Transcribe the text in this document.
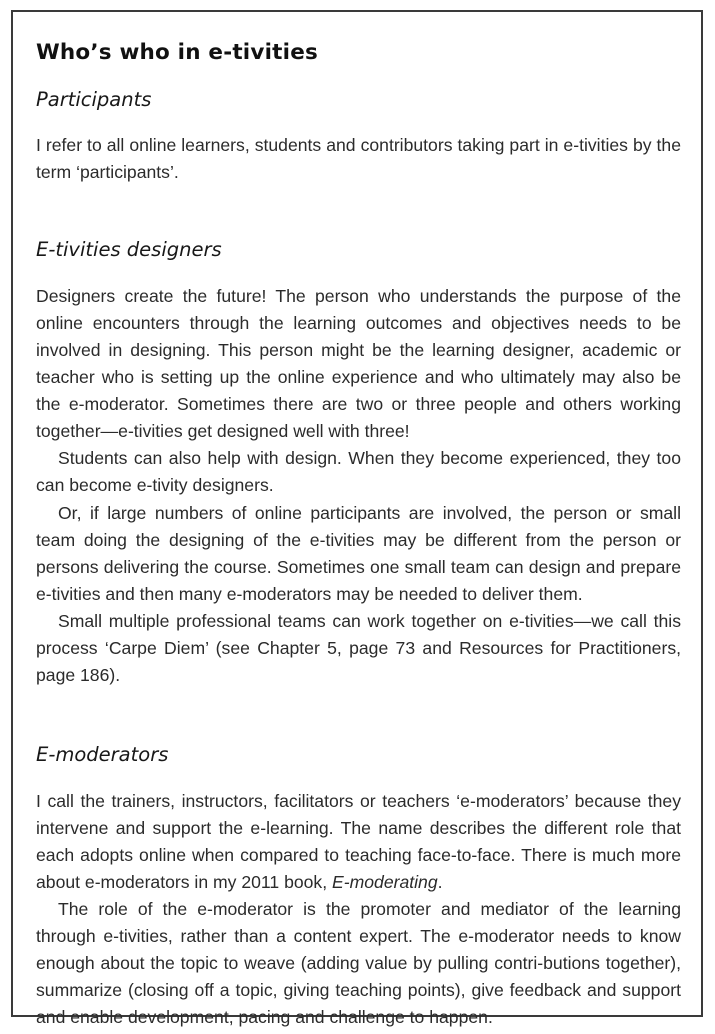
Who’s who in e-tivities
Participants

I refer to all online learners, students and contributors taking part in e-tivities by the term ‘participants’.

E-tivities designers

Designers create the future! The person who understands the purpose of the online encounters through the learning outcomes and objectives needs to be involved in designing. This person might be the learning designer, academic or teacher who is setting up the online experience and who ultimately may also be the e-moderator. Sometimes there are two or three people and others working together—e-tivities get designed well with three!

Students can also help with design. When they become experienced, they too can become e-tivity designers.

Or, if large numbers of online participants are involved, the person or small team doing the designing of the e-tivities may be different from the person or persons delivering the course. Sometimes one small team can design and prepare e-tivities and then many e-moderators may be needed to deliver them.

Small multiple professional teams can work together on e-tivities—we call this process ‘Carpe Diem’ (see Chapter 5, page 73 and Resources for Practitioners, page 186).

E-moderators

I call the trainers, instructors, facilitators or teachers ‘e-moderators’ because they intervene and support the e-learning. The name describes the different role that each adopts online when compared to teaching face-to-face. There is much more about e-moderators in my 2011 book, E-moderating.

The role of the e-moderator is the promoter and mediator of the learning through e-tivities, rather than a content expert. The e-moderator needs to know enough about the topic to weave (adding value by pulling contri-butions together), summarize (closing off a topic, giving teaching points), give feedback and support and enable development, pacing and challenge to happen.
